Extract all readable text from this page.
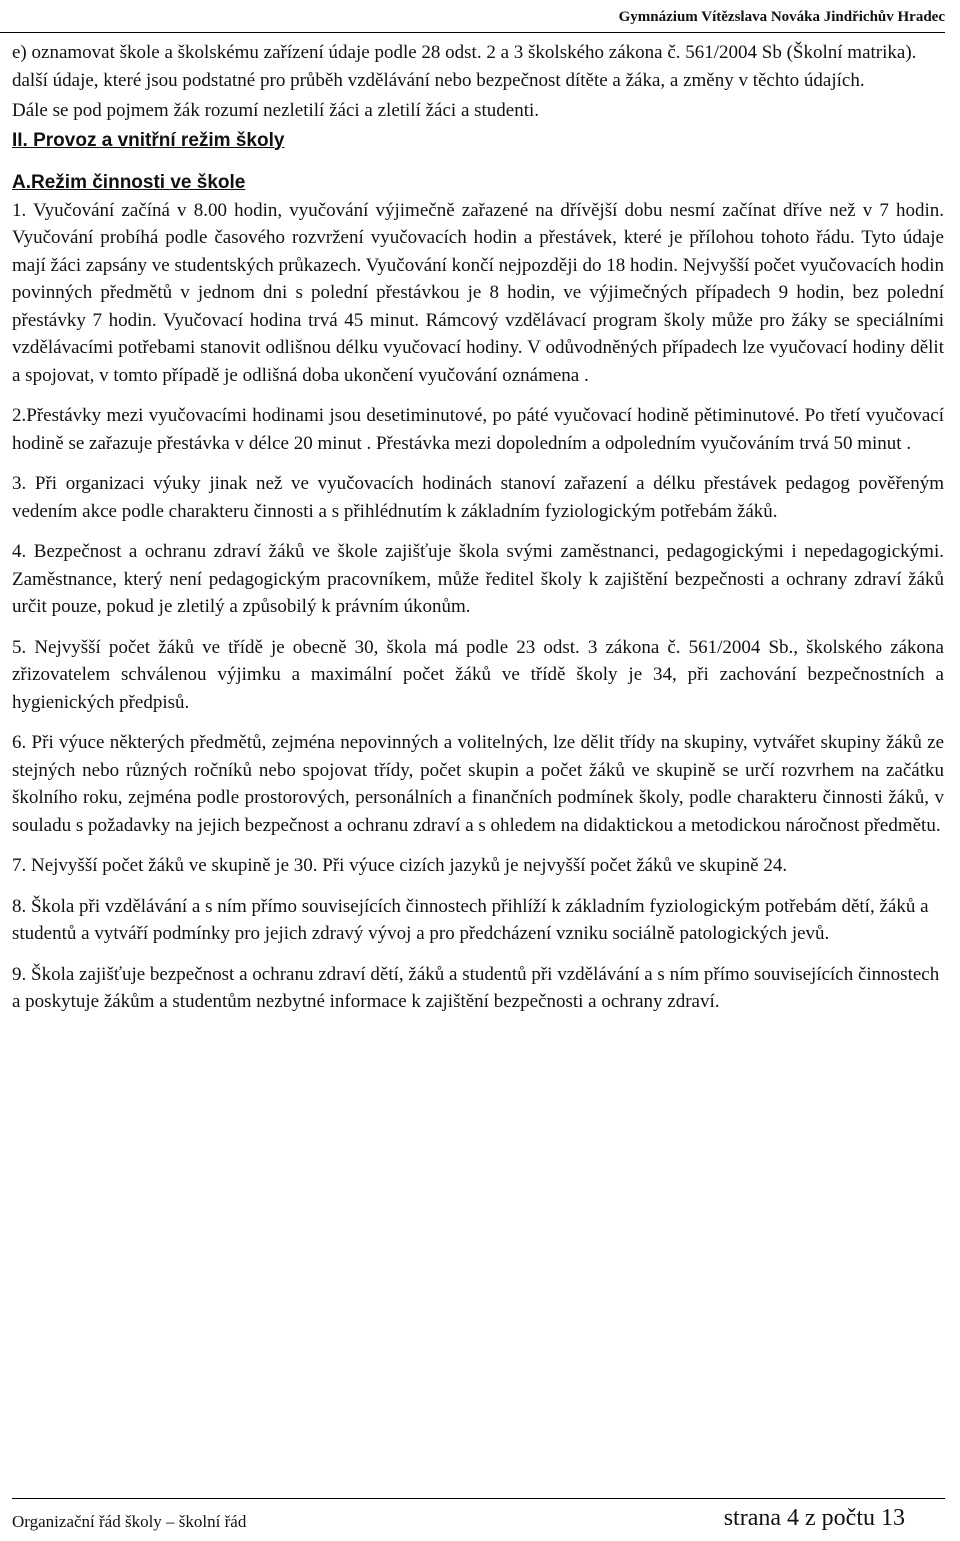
Gymnázium Vítězslava Nováka Jindřichův Hradec

e) oznamovat škole a školskému zařízení údaje podle 28 odst. 2 a 3 školského zákona č. 561/2004 Sb (Školní matrika). další údaje, které jsou podstatné pro průběh vzdělávání nebo bezpečnost dítěte a žáka, a změny v těchto údajích.

Dále se pod pojmem žák rozumí nezletilí žáci a zletilí žáci a studenti.

II. Provoz a vnitřní režim školy

A.Režim činnosti ve škole

1. Vyučování začíná v 8.00 hodin, vyučování výjimečně zařazené na dřívější dobu nesmí začínat dříve než v 7 hodin. Vyučování probíhá podle časového rozvržení vyučovacích hodin a přestávek, které je přílohou tohoto řádu. Tyto údaje mají žáci zapsány ve studentských průkazech. Vyučování končí nejpozději do 18 hodin. Nejvyšší počet vyučovacích hodin povinných předmětů v jednom dni s polední přestávkou je 8 hodin, ve výjimečných případech 9 hodin, bez polední přestávky 7 hodin. Vyučovací hodina trvá 45 minut. Rámcový vzdělávací program školy může pro žáky se speciálními vzdělávacími potřebami stanovit odlišnou délku vyučovací hodiny. V odůvodněných případech lze vyučovací hodiny dělit a spojovat, v tomto případě je odlišná doba ukončení vyučování oznámena .

2.Přestávky mezi vyučovacími hodinami jsou desetiminutové, po páté vyučovací hodině pětiminutové. Po třetí vyučovací hodině se zařazuje přestávka v délce 20 minut . Přestávka mezi dopoledním a odpoledním vyučováním trvá 50 minut .

3. Při organizaci výuky jinak než ve vyučovacích hodinách stanoví zařazení a délku přestávek pedagog pověřeným vedením akce podle charakteru činnosti a s přihlédnutím k základním fyziologickým potřebám žáků.

4. Bezpečnost a ochranu zdraví žáků ve škole zajišťuje škola svými zaměstnanci, pedagogickými i nepedagogickými. Zaměstnance, který není pedagogickým pracovníkem, může ředitel školy k zajištění bezpečnosti a ochrany zdraví žáků určit pouze, pokud je zletilý a způsobilý k právním úkonům.

5. Nejvyšší počet žáků ve třídě je obecně 30, škola má podle 23 odst. 3 zákona č. 561/2004 Sb., školského zákona zřizovatelem schválenou výjimku a maximální počet žáků ve třídě školy je 34, při zachování bezpečnostních a hygienických předpisů.

6. Při výuce některých předmětů, zejména nepovinných a volitelných, lze dělit třídy na skupiny, vytvářet skupiny žáků ze stejných nebo různých ročníků nebo spojovat třídy, počet skupin a počet žáků ve skupině se určí rozvrhem na začátku školního roku, zejména podle prostorových, personálních a finančních podmínek školy, podle charakteru činnosti žáků, v souladu s požadavky na jejich bezpečnost a ochranu zdraví a s ohledem na didaktickou a metodickou náročnost předmětu.

7. Nejvyšší počet žáků ve skupině je 30. Při výuce cizích jazyků je nejvyšší počet žáků ve skupině 24.

8. Škola při vzdělávání a s ním přímo souvisejících činnostech přihlíží k základním fyziologickým potřebám dětí, žáků a studentů a vytváří podmínky pro jejich zdravý vývoj a pro předcházení vzniku sociálně patologických jevů.

9. Škola zajišťuje bezpečnost a ochranu zdraví dětí, žáků a studentů při vzdělávání a s ním přímo souvisejících činnostech a poskytuje žákům a studentům nezbytné informace k zajištění bezpečnosti a ochrany zdraví.

Organizační řád školy – školní řád	strana 4 z počtu 13
